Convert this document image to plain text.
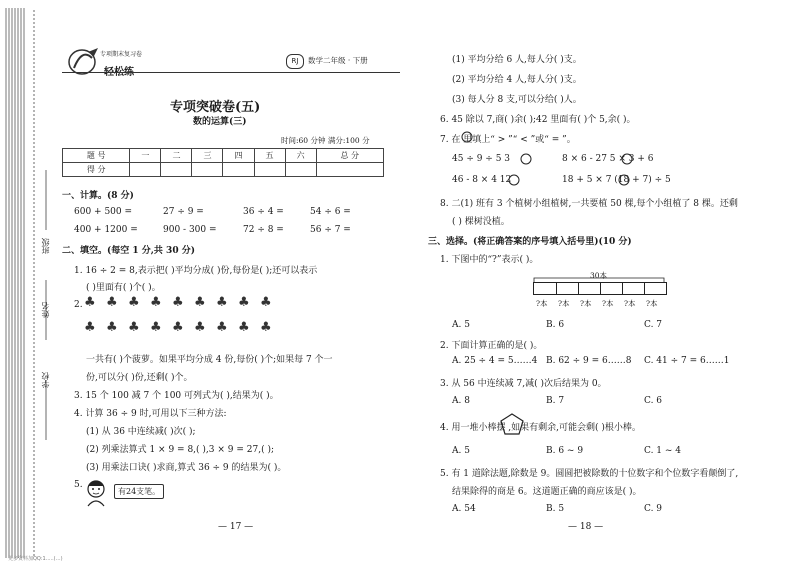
班级
姓名
学校
专项期末复习卷
RJ 数学二年级 · 下册
专项突破卷(五)
数的运算(三)
时间:60 分钟 满分:100 分
题 号	一	二	三	四	五	六	总 分
得 分							
一、计算。(8 分)
600 + 500 =	27 ÷ 9 =	36 ÷ 4 =	54 ÷ 6 =
400 + 1200 =	900 - 300 =	72 ÷ 8 =	56 ÷ 7 =
二、填空。(每空 1 分,共 30 分)
1. 16 ÷ 2 = 8,表示把( )平均分成( )份,每份是( );还可以表示
( )里面有( )个( )。
2. ♣ ♣ ♣ ♣ ♣ ♣ ♣ ♣ ♣
♣ ♣ ♣ ♣ ♣ ♣ ♣ ♣ ♣
一共有( )个菠萝。如果平均分成 4 份,每份( )个;如果每 7 个一
份,可以分( )份,还剩( )个。
3. 15 个 100 减 7 个 100 可列式为( ),结果为( )。
4. 计算 36 ÷ 9 时,可用以下三种方法:
(1) 从 36 中连续减( )次( );
(2) 列乘法算式 1 × 9 = 8,( ),3 × 9 = 27,( );
(3) 用乘法口诀( )求商,算式 36 ÷ 9 的结果为( )。
5.
有24支笔。
— 17 —
(1) 平均分给 6 人,每人分( )支。
(2) 平均分给 4 人,每人分( )支。
(3) 每人分 8 支,可以分给( )人。
6. 45 除以 7,商( )余( );42 里面有( )个 5,余( )。
7. 在 里填上“ > ”“ < ”或“ = ”。
45 ÷ 9 ÷ 5 3	8 × 6 - 27 5 × 3 + 6
46 - 8 × 4 12	18 + 5 × 7 (18 + 7) ÷ 5
8. 二(1) 班有 3 个植树小组植树,一共要植 50 棵,每个小组植了 8 棵。还剩
( ) 棵树没植。
三、选择。(将正确答案的序号填入括号里)(10 分)
1. 下图中的“?”表示( )。
30本
?本 ?本 ?本 ?本 ?本 ?本
A. 5	B. 6	C. 7
2. 下面计算正确的是( )。
A. 25 ÷ 4 = 5……4 B. 62 ÷ 9 = 6……8 C. 41 ÷ 7 = 6……1
3. 从 56 中连续减 7,减( )次后结果为 0。
A. 8	B. 7	C. 6
4. 用一堆小棒摆 ,如果有剩余,可能会剩( )根小棒。
A. 5	B. 6 ~ 9	C. 1 ~ 4
5. 有 1 道除法题,除数是 9。圆圆把被除数的十位数字和个位数字看颠倒了,
结果除得的商是 6。这道题正确的商应该是( )。
A. 54	B. 5	C. 9
— 18 —
更多资料加QQ:1.....(…)
